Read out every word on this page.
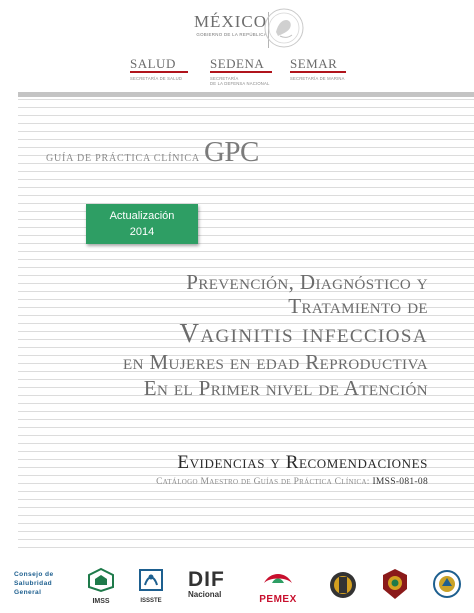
MÉXICO
GOBIERNO DE LA REPÚBLICA
SALUD
SECRETARÍA DE SALUD
SEDENA
SECRETARÍA
DE LA DEFENSA NACIONAL
SEMAR
SECRETARÍA DE MARINA
GUÍA DE PRÁCTICA CLÍNICA GPC
Actualización
2014
Prevención, Diagnóstico y
Tratamiento de
Vaginitis infecciosa
en Mujeres en edad Reproductiva
En el Primer nivel de Atención
Evidencias y Recomendaciones
Catálogo Maestro de Guías de Práctica Clínica: IMSS-081-08
Consejo de
Salubridad
General
IMSS	ISSSTE
DIF
Nacional	PEMEX
